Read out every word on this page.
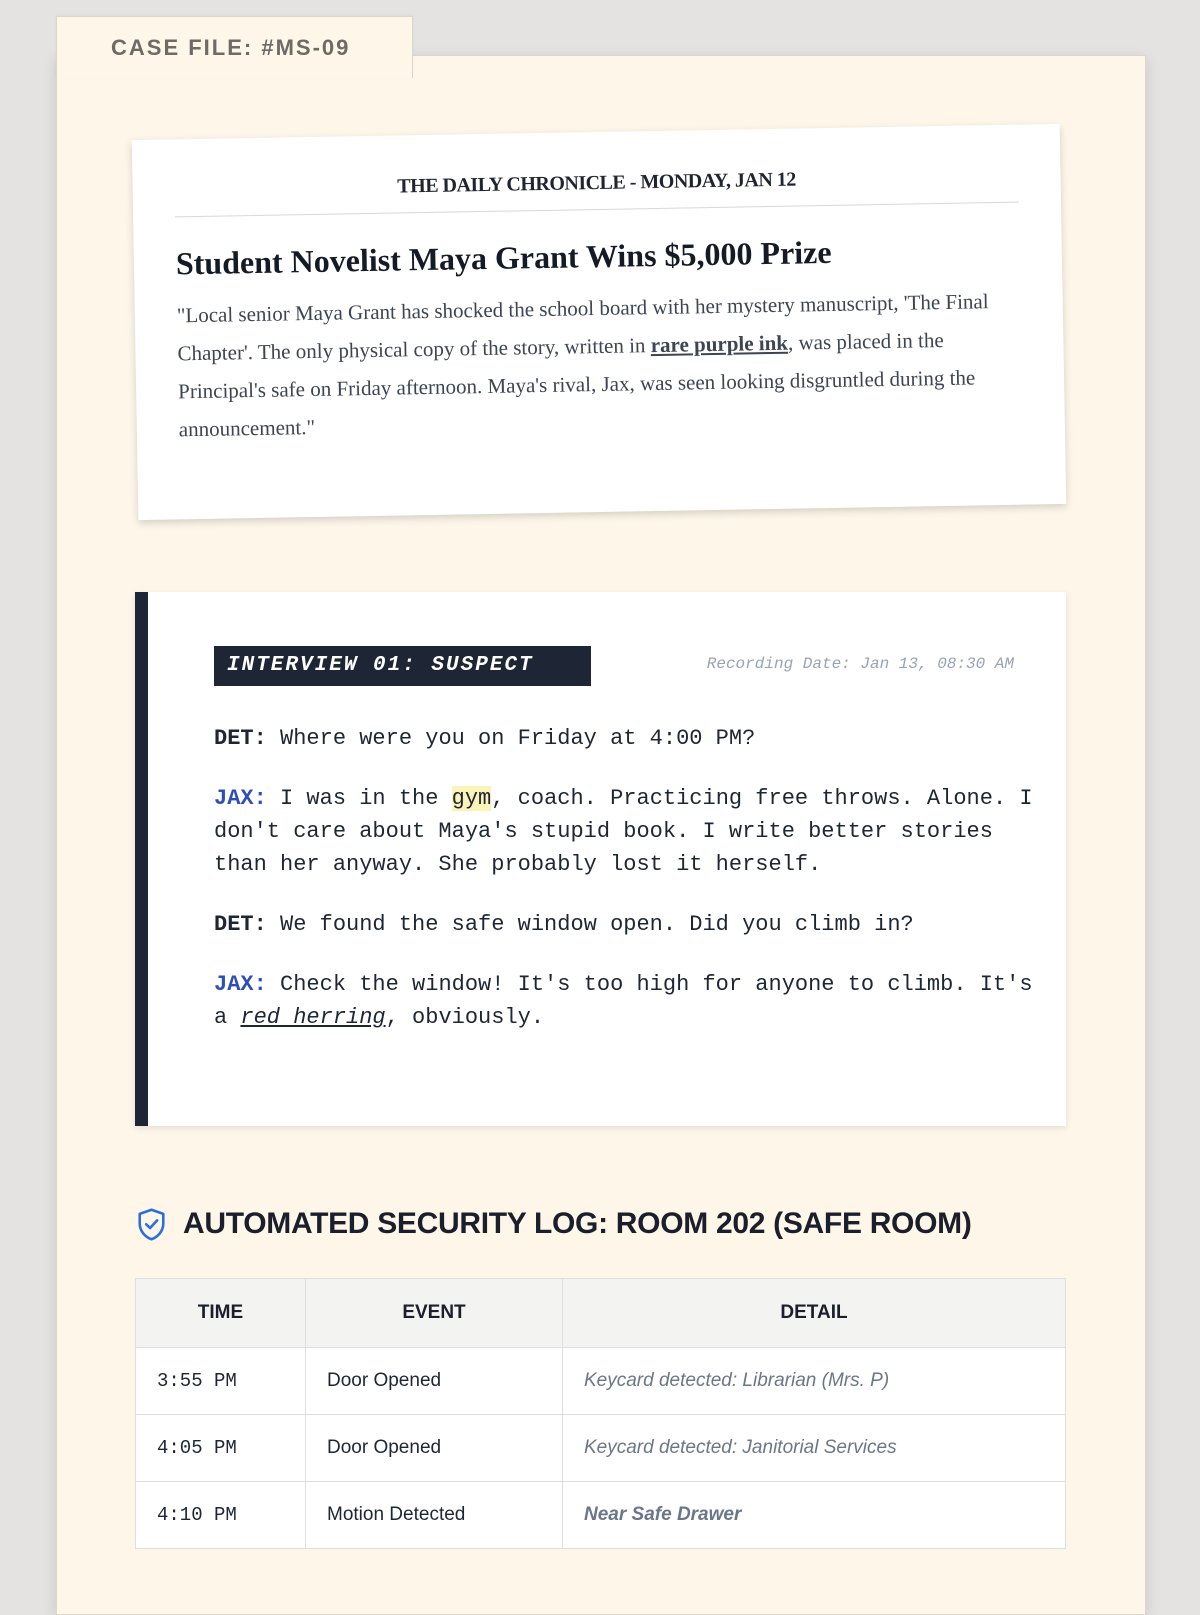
CASE FILE: #MS-09
THE DAILY CHRONICLE - MONDAY, JAN 12
Student Novelist Maya Grant Wins $5,000 Prize
"Local senior Maya Grant has shocked the school board with her mystery manuscript, 'The Final Chapter'. The only physical copy of the story, written in rare purple ink, was placed in the Principal's safe on Friday afternoon. Maya's rival, Jax, was seen looking disgruntled during the announcement."
INTERVIEW 01: SUSPECT JAX
Recording Date: Jan 13, 08:30 AM

DET: Where were you on Friday at 4:00 PM?

JAX: I was in the gym, coach. Practicing free throws. Alone. I don't care about Maya's stupid book. I write better stories than her anyway. She probably lost it herself.

DET: We found the safe window open. Did you climb in?

JAX: Check the window! It's too high for anyone to climb. It's a red herring, obviously.

AUTOMATED SECURITY LOG: ROOM 202 (SAFE ROOM)
TIME	EVENT	DETAIL
3:55 PM	Door Opened	Keycard detected: Librarian (Mrs. P)
4:05 PM	Door Opened	Keycard detected: Janitorial Services
4:10 PM	Motion Detected	Near Safe Drawer
